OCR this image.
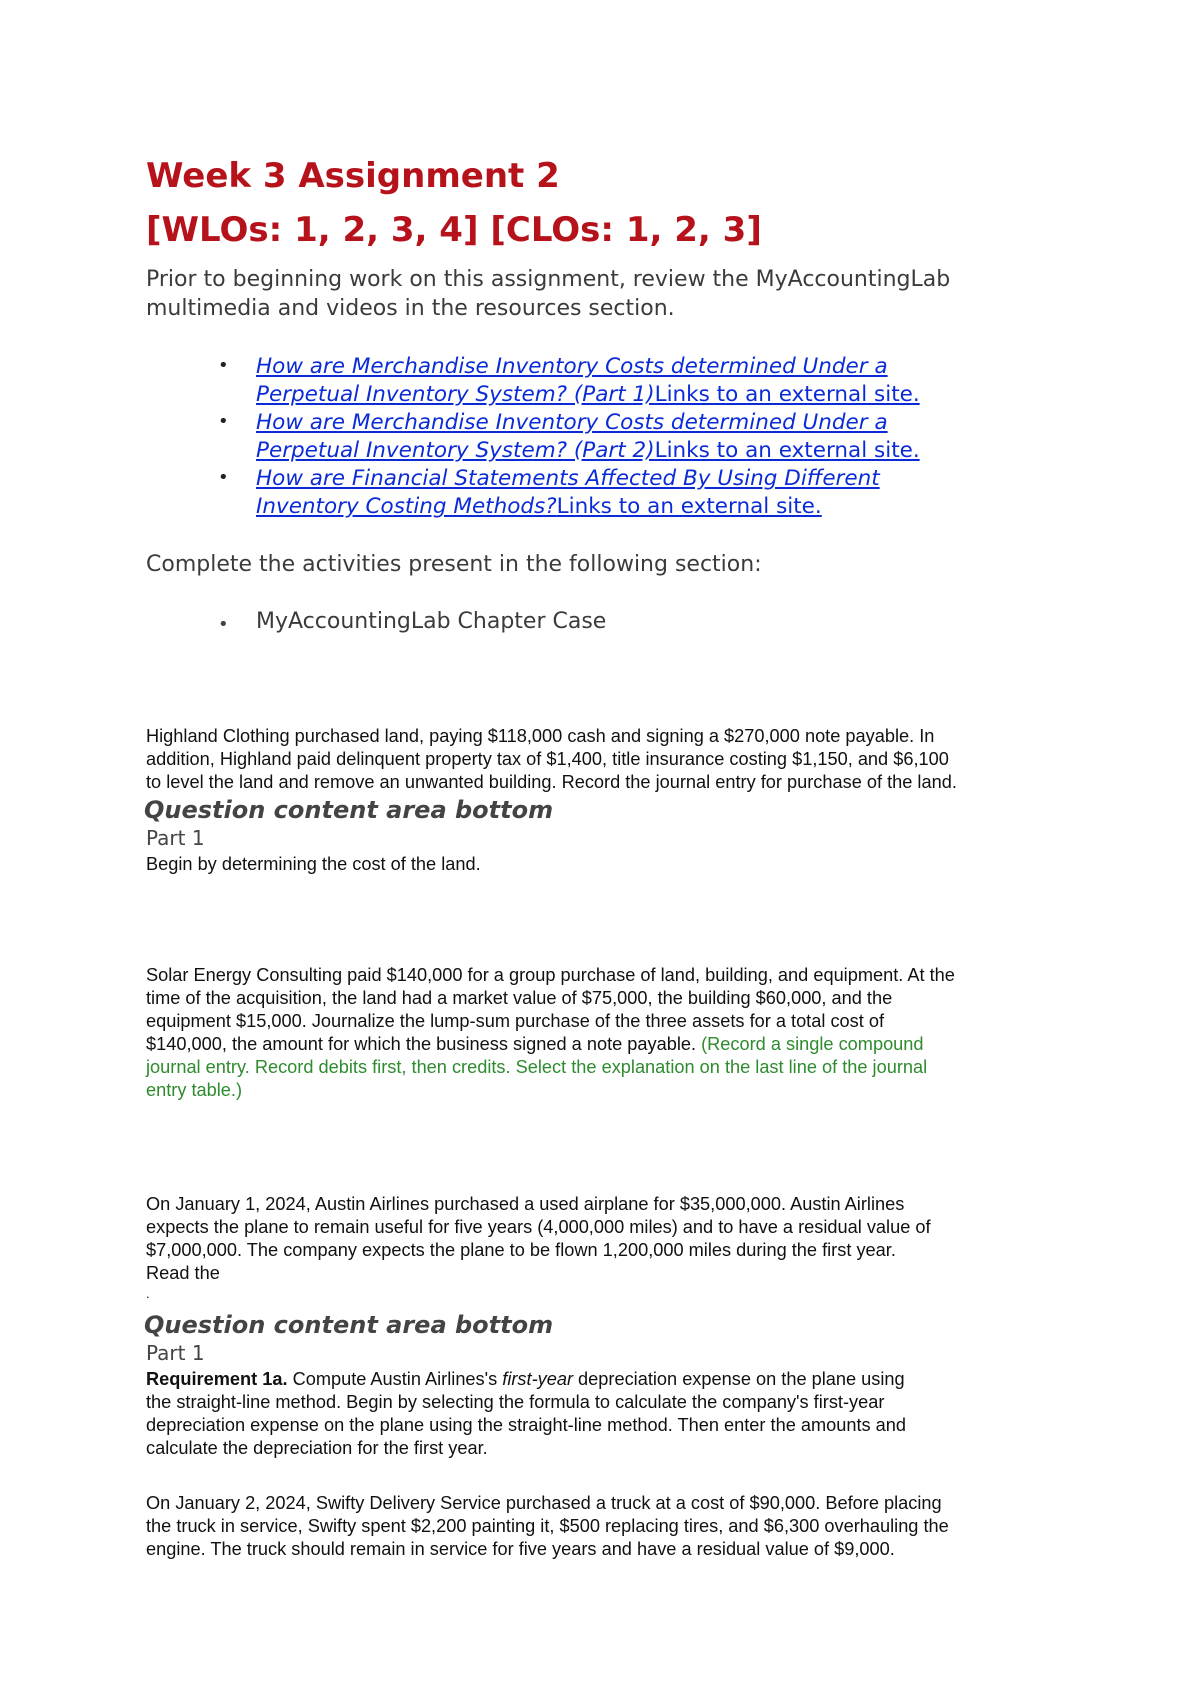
Week 3 Assignment 2
[WLOs: 1, 2, 3, 4] [CLOs: 1, 2, 3]
Prior to beginning work on this assignment, review the MyAccountingLab
multimedia and videos in the resources section.
• How are Merchandise Inventory Costs determined Under a
Perpetual Inventory System? (Part 1)Links to an external site.
• How are Merchandise Inventory Costs determined Under a
Perpetual Inventory System? (Part 2)Links to an external site.
• How are Financial Statements Affected By Using Different
Inventory Costing Methods?Links to an external site.
Complete the activities present in the following section:
• MyAccountingLab Chapter Case
Highland Clothing purchased land, paying $118,000 cash and signing a $270,000 note payable. In
addition, Highland paid delinquent property tax of $1,400, title insurance costing $1,150, and $6,100
to level the land and remove an unwanted building. Record the journal entry for purchase of the land.
Question content area bottom
Part 1
Begin by determining the cost of the land.
Solar Energy Consulting paid $140,000 for a group purchase of land, building, and equipment. At the
time of the acquisition, the land had a market value of $75,000, the building $60,000, and the
equipment $15,000. Journalize the lump-sum purchase of the three assets for a total cost of
$140,000, the amount for which the business signed a note payable. (Record a single compound
journal entry. Record debits first, then credits. Select the explanation on the last line of the journal
entry table.)
On January 1, 2024, Austin Airlines purchased a used airplane for $35,000,000. Austin Airlines
expects the plane to remain useful for five years (4,000,000 miles) and to have a residual value of
$7,000,000. The company expects the plane to be flown 1,200,000 miles during the first year.
Read the
.
Question content area bottom
Part 1
Requirement 1a. Compute Austin Airlines's first-year depreciation expense on the plane using
the straight-line method. Begin by selecting the formula to calculate the company's first-year
depreciation expense on the plane using the straight-line method. Then enter the amounts and
calculate the depreciation for the first year.
On January 2, 2024, Swifty Delivery Service purchased a truck at a cost of $90,000. Before placing
the truck in service, Swifty spent $2,200 painting it, $500 replacing tires, and $6,300 overhauling the
engine. The truck should remain in service for five years and have a residual value of $9,000.
